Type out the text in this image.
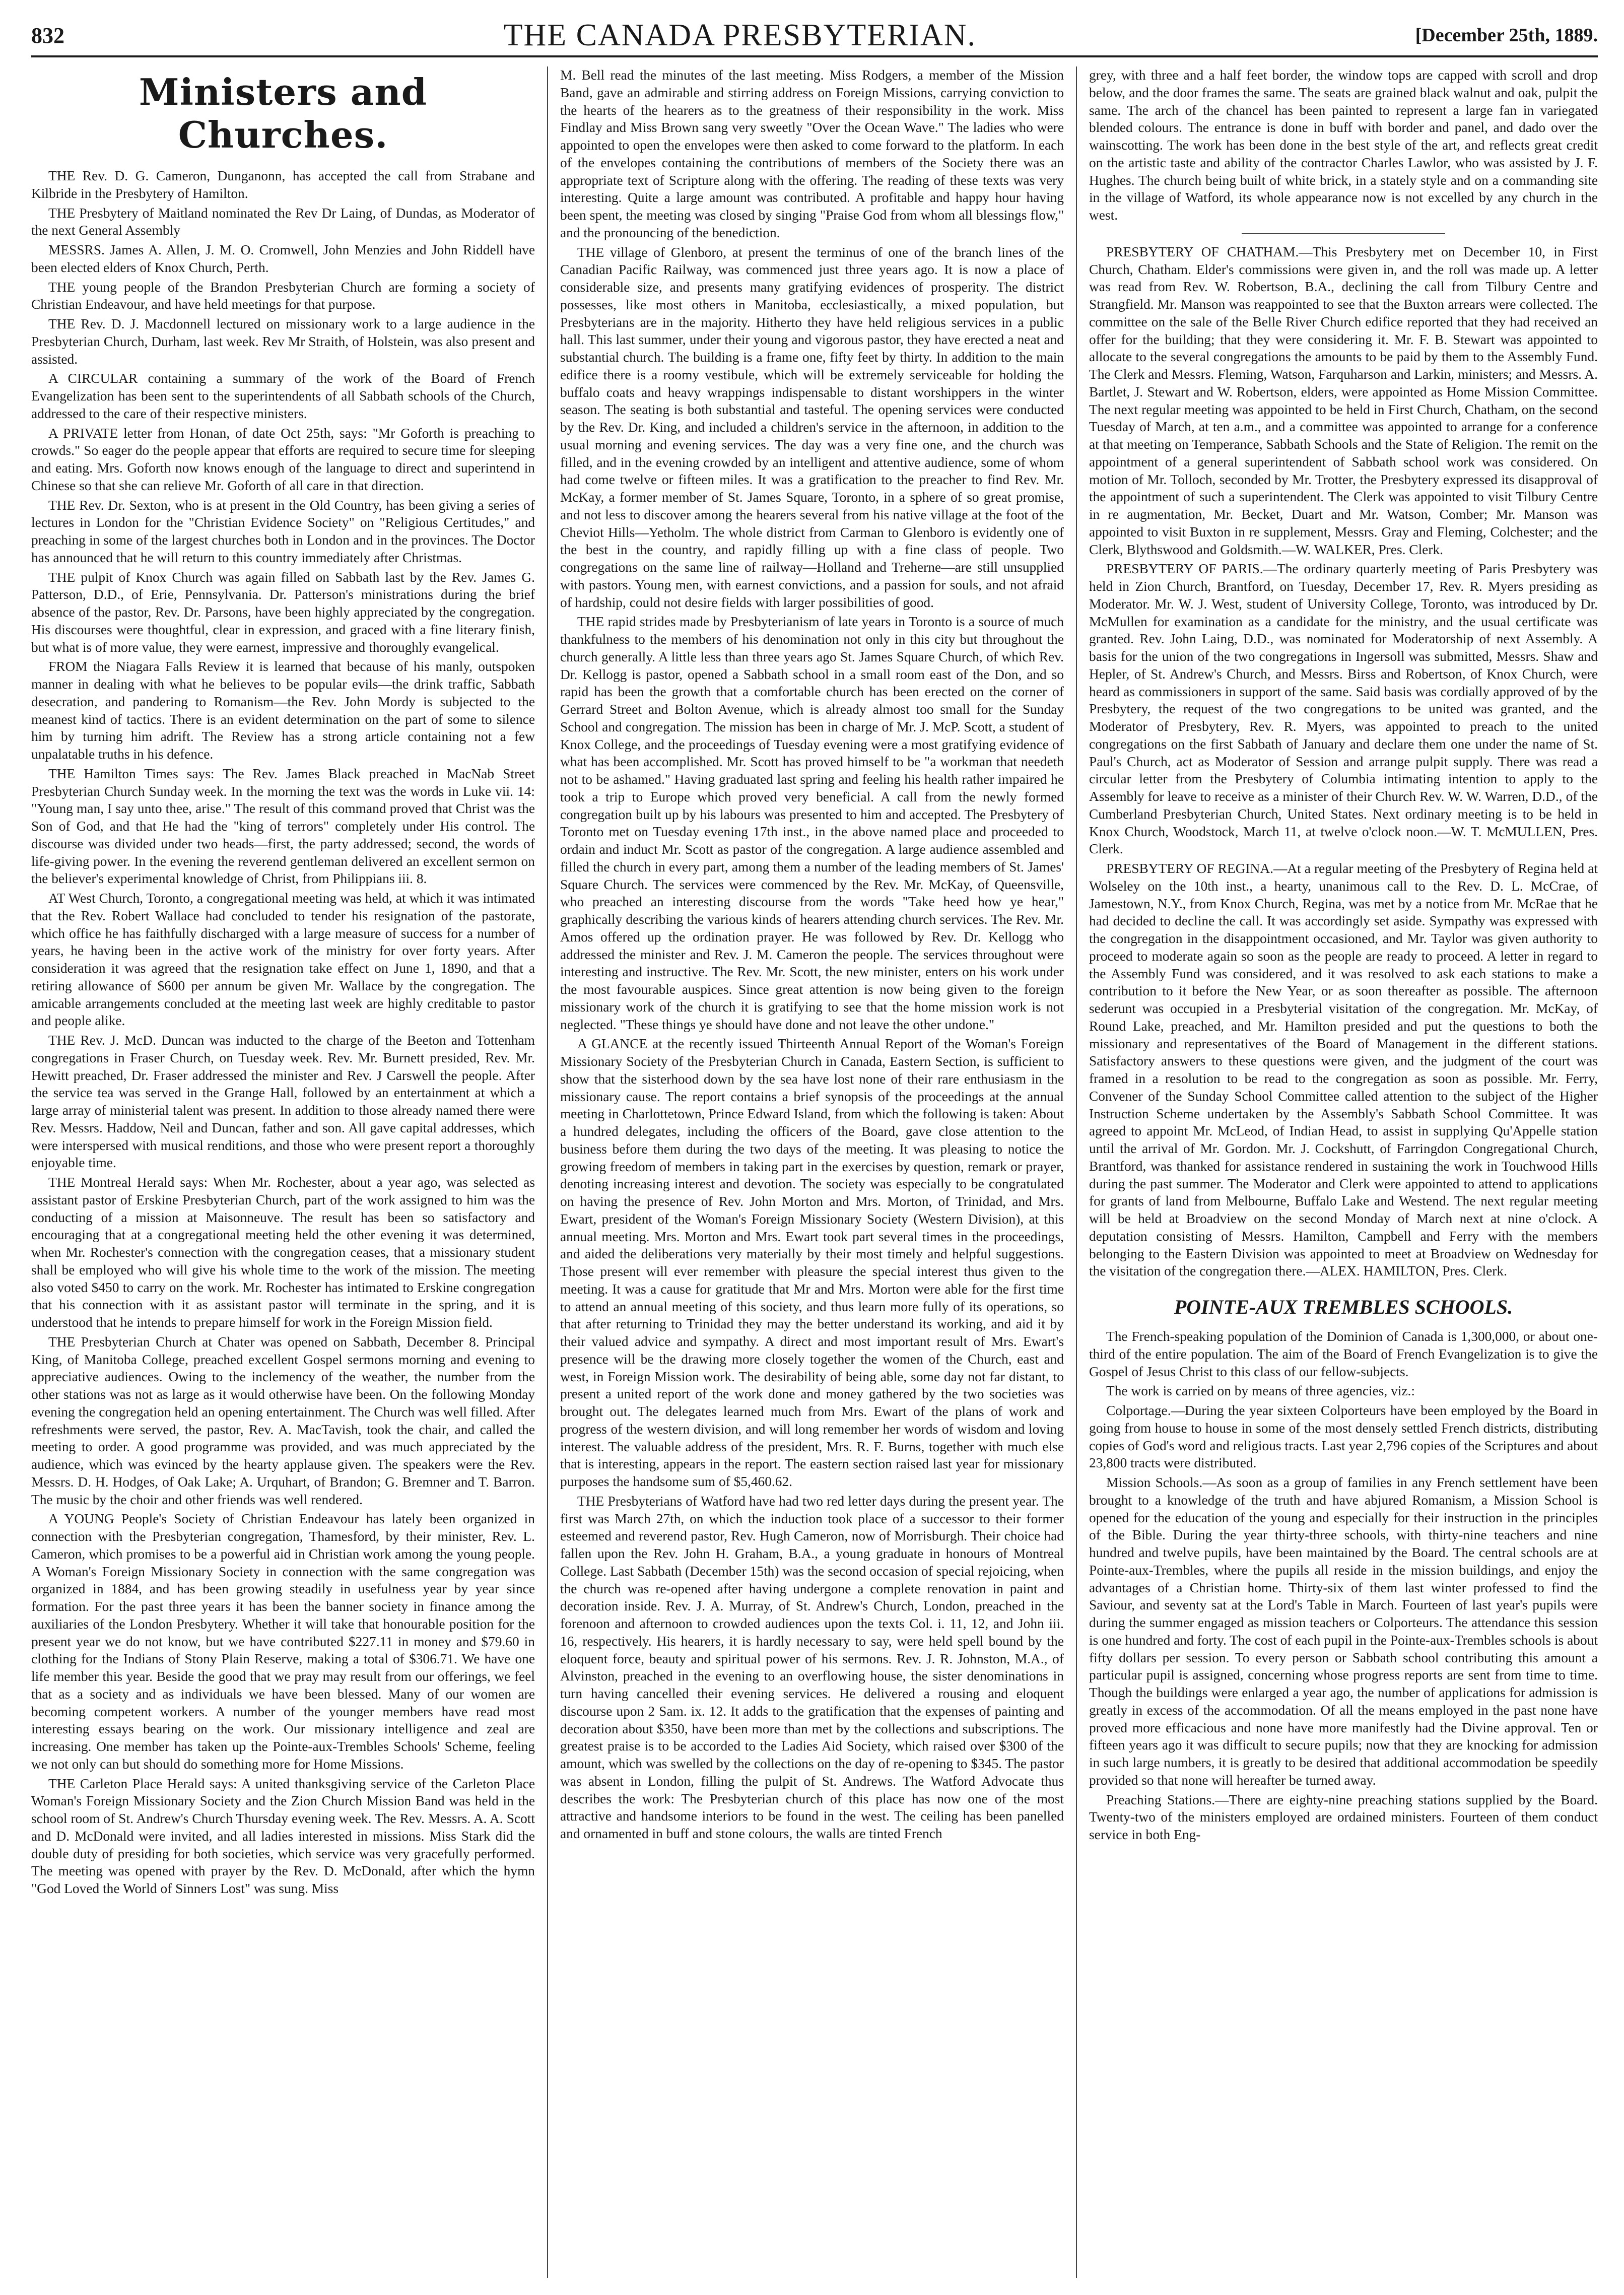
832	THE CANADA PRESBYTERIAN.	[December 25th, 1889.
Ministers and Churches.

THE Rev. D. G. Cameron, Dunganonn, has accepted the call from Strabane and Kilbride in the Presbytery of Hamilton.

THE Presbytery of Maitland nominated the Rev Dr Laing, of Dundas, as Moderator of the next General Assembly

MESSRS. James A. Allen, J. M. O. Cromwell, John Menzies and John Riddell have been elected elders of Knox Church, Perth.

THE young people of the Brandon Presbyterian Church are forming a society of Christian Endeavour, and have held meetings for that purpose.

THE Rev. D. J. Macdonnell lectured on missionary work to a large audience in the Presbyterian Church, Durham, last week. Rev Mr Straith, of Holstein, was also present and assisted.

A CIRCULAR containing a summary of the work of the Board of French Evangelization has been sent to the superintendents of all Sabbath schools of the Church, addressed to the care of their respective ministers.

A PRIVATE letter from Honan, of date Oct 25th, says: "Mr Goforth is preaching to crowds." So eager do the people appear that efforts are required to secure time for sleeping and eating. Mrs. Goforth now knows enough of the language to direct and superintend in Chinese so that she can relieve Mr. Goforth of all care in that direction.

THE Rev. Dr. Sexton, who is at present in the Old Country, has been giving a series of lectures in London for the "Christian Evidence Society" on "Religious Certitudes," and preaching in some of the largest churches both in London and in the provinces. The Doctor has announced that he will return to this country immediately after Christmas.

THE pulpit of Knox Church was again filled on Sabbath last by the Rev. James G. Patterson, D.D., of Erie, Pennsylvania. Dr. Patterson's ministrations during the brief absence of the pastor, Rev. Dr. Parsons, have been highly appreciated by the congregation. His discourses were thoughtful, clear in expression, and graced with a fine literary finish, but what is of more value, they were earnest, impressive and thoroughly evangelical.

FROM the Niagara Falls Review it is learned that because of his manly, outspoken manner in dealing with what he believes to be popular evils—the drink traffic, Sabbath desecration, and pandering to Romanism—the Rev. John Mordy is subjected to the meanest kind of tactics. There is an evident determination on the part of some to silence him by turning him adrift. The Review has a strong article containing not a few unpalatable truths in his defence.

THE Hamilton Times says: The Rev. James Black preached in MacNab Street Presbyterian Church Sunday week. In the morning the text was the words in Luke vii. 14: "Young man, I say unto thee, arise." The result of this command proved that Christ was the Son of God, and that He had the "king of terrors" completely under His control. The discourse was divided under two heads—first, the party addressed; second, the words of life-giving power. In the evening the reverend gentleman delivered an excellent sermon on the believer's experimental knowledge of Christ, from Philippians iii. 8.

AT West Church, Toronto, a congregational meeting was held, at which it was intimated that the Rev. Robert Wallace had concluded to tender his resignation of the pastorate, which office he has faithfully discharged with a large measure of success for a number of years, he having been in the active work of the ministry for over forty years. After consideration it was agreed that the resignation take effect on June 1, 1890, and that a retiring allowance of $600 per annum be given Mr. Wallace by the congregation. The amicable arrangements concluded at the meeting last week are highly creditable to pastor and people alike.

THE Rev. J. McD. Duncan was inducted to the charge of the Beeton and Tottenham congregations in Fraser Church, on Tuesday week. Rev. Mr. Burnett presided, Rev. Mr. Hewitt preached, Dr. Fraser addressed the minister and Rev. J Carswell the people. After the service tea was served in the Grange Hall, followed by an entertainment at which a large array of ministerial talent was present. In addition to those already named there were Rev. Messrs. Haddow, Neil and Duncan, father and son. All gave capital addresses, which were interspersed with musical renditions, and those who were present report a thoroughly enjoyable time.

THE Montreal Herald says: When Mr. Rochester, about a year ago, was selected as assistant pastor of Erskine Presbyterian Church, part of the work assigned to him was the conducting of a mission at Maisonneuve. The result has been so satisfactory and encouraging that at a congregational meeting held the other evening it was determined, when Mr. Rochester's connection with the congregation ceases, that a missionary student shall be employed who will give his whole time to the work of the mission. The meeting also voted $450 to carry on the work. Mr. Rochester has intimated to Erskine congregation that his connection with it as assistant pastor will terminate in the spring, and it is understood that he intends to prepare himself for work in the Foreign Mission field.

THE Presbyterian Church at Chater was opened on Sabbath, December 8. Principal King, of Manitoba College, preached excellent Gospel sermons morning and evening to appreciative audiences. Owing to the inclemency of the weather, the number from the other stations was not as large as it would otherwise have been. On the following Monday evening the congregation held an opening entertainment. The Church was well filled. After refreshments were served, the pastor, Rev. A. MacTavish, took the chair, and called the meeting to order. A good programme was provided, and was much appreciated by the audience, which was evinced by the hearty applause given. The speakers were the Rev. Messrs. D. H. Hodges, of Oak Lake; A. Urquhart, of Brandon; G. Bremner and T. Barron. The music by the choir and other friends was well rendered.

A YOUNG People's Society of Christian Endeavour has lately been organized in connection with the Presbyterian congregation, Thamesford, by their minister, Rev. L. Cameron, which promises to be a powerful aid in Christian work among the young people. A Woman's Foreign Missionary Society in connection with the same congregation was organized in 1884, and has been growing steadily in usefulness year by year since formation. For the past three years it has been the banner society in finance among the auxiliaries of the London Presbytery. Whether it will take that honourable position for the present year we do not know, but we have contributed $227.11 in money and $79.60 in clothing for the Indians of Stony Plain Reserve, making a total of $306.71. We have one life member this year. Beside the good that we pray may result from our offerings, we feel that as a society and as individuals we have been blessed. Many of our women are becoming competent workers. A number of the younger members have read most interesting essays bearing on the work. Our missionary intelligence and zeal are increasing. One member has taken up the Pointe-aux-Trembles Schools' Scheme, feeling we not only can but should do something more for Home Missions.

THE Carleton Place Herald says: A united thanksgiving service of the Carleton Place Woman's Foreign Missionary Society and the Zion Church Mission Band was held in the school room of St. Andrew's Church Thursday evening week. The Rev. Messrs. A. A. Scott and D. McDonald were invited, and all ladies interested in missions. Miss Stark did the double duty of presiding for both societies, which service was very gracefully performed. The meeting was opened with prayer by the Rev. D. McDonald, after which the hymn "God Loved the World of Sinners Lost" was sung. Miss

M. Bell read the minutes of the last meeting. Miss Rodgers, a member of the Mission Band, gave an admirable and stirring address on Foreign Missions, carrying conviction to the hearts of the hearers as to the greatness of their responsibility in the work. Miss Findlay and Miss Brown sang very sweetly "Over the Ocean Wave." The ladies who were appointed to open the envelopes were then asked to come forward to the platform. In each of the envelopes containing the contributions of members of the Society there was an appropriate text of Scripture along with the offering. The reading of these texts was very interesting. Quite a large amount was contributed. A profitable and happy hour having been spent, the meeting was closed by singing "Praise God from whom all blessings flow," and the pronouncing of the benediction.

THE village of Glenboro, at present the terminus of one of the branch lines of the Canadian Pacific Railway, was commenced just three years ago. It is now a place of considerable size, and presents many gratifying evidences of prosperity. The district possesses, like most others in Manitoba, ecclesiastically, a mixed population, but Presbyterians are in the majority. Hitherto they have held religious services in a public hall. This last summer, under their young and vigorous pastor, they have erected a neat and substantial church. The building is a frame one, fifty feet by thirty. In addition to the main edifice there is a roomy vestibule, which will be extremely serviceable for holding the buffalo coats and heavy wrappings indispensable to distant worshippers in the winter season. The seating is both substantial and tasteful. The opening services were conducted by the Rev. Dr. King, and included a children's service in the afternoon, in addition to the usual morning and evening services. The day was a very fine one, and the church was filled, and in the evening crowded by an intelligent and attentive audience, some of whom had come twelve or fifteen miles. It was a gratification to the preacher to find Rev. Mr. McKay, a former member of St. James Square, Toronto, in a sphere of so great promise, and not less to discover among the hearers several from his native village at the foot of the Cheviot Hills—Yetholm. The whole district from Carman to Glenboro is evidently one of the best in the country, and rapidly filling up with a fine class of people. Two congregations on the same line of railway—Holland and Treherne—are still unsupplied with pastors. Young men, with earnest convictions, and a passion for souls, and not afraid of hardship, could not desire fields with larger possibilities of good.

THE rapid strides made by Presbyterianism of late years in Toronto is a source of much thankfulness to the members of his denomination not only in this city but throughout the church generally. A little less than three years ago St. James Square Church, of which Rev. Dr. Kellogg is pastor, opened a Sabbath school in a small room east of the Don, and so rapid has been the growth that a comfortable church has been erected on the corner of Gerrard Street and Bolton Avenue, which is already almost too small for the Sunday School and congregation. The mission has been in charge of Mr. J. McP. Scott, a student of Knox College, and the proceedings of Tuesday evening were a most gratifying evidence of what has been accomplished. Mr. Scott has proved himself to be "a workman that needeth not to be ashamed." Having graduated last spring and feeling his health rather impaired he took a trip to Europe which proved very beneficial. A call from the newly formed congregation built up by his labours was presented to him and accepted. The Presbytery of Toronto met on Tuesday evening 17th inst., in the above named place and proceeded to ordain and induct Mr. Scott as pastor of the congregation. A large audience assembled and filled the church in every part, among them a number of the leading members of St. James' Square Church. The services were commenced by the Rev. Mr. McKay, of Queensville, who preached an interesting discourse from the words "Take heed how ye hear," graphically describing the various kinds of hearers attending church services. The Rev. Mr. Amos offered up the ordination prayer. He was followed by Rev. Dr. Kellogg who addressed the minister and Rev. J. M. Cameron the people. The services throughout were interesting and instructive. The Rev. Mr. Scott, the new minister, enters on his work under the most favourable auspices. Since great attention is now being given to the foreign missionary work of the church it is gratifying to see that the home mission work is not neglected. "These things ye should have done and not leave the other undone."

A GLANCE at the recently issued Thirteenth Annual Report of the Woman's Foreign Missionary Society of the Presbyterian Church in Canada, Eastern Section, is sufficient to show that the sisterhood down by the sea have lost none of their rare enthusiasm in the missionary cause. The report contains a brief synopsis of the proceedings at the annual meeting in Charlottetown, Prince Edward Island, from which the following is taken: About a hundred delegates, including the officers of the Board, gave close attention to the business before them during the two days of the meeting. It was pleasing to notice the growing freedom of members in taking part in the exercises by question, remark or prayer, denoting increasing interest and devotion. The society was especially to be congratulated on having the presence of Rev. John Morton and Mrs. Morton, of Trinidad, and Mrs. Ewart, president of the Woman's Foreign Missionary Society (Western Division), at this annual meeting. Mrs. Morton and Mrs. Ewart took part several times in the proceedings, and aided the deliberations very materially by their most timely and helpful suggestions. Those present will ever remember with pleasure the special interest thus given to the meeting. It was a cause for gratitude that Mr and Mrs. Morton were able for the first time to attend an annual meeting of this society, and thus learn more fully of its operations, so that after returning to Trinidad they may the better understand its working, and aid it by their valued advice and sympathy. A direct and most important result of Mrs. Ewart's presence will be the drawing more closely together the women of the Church, east and west, in Foreign Mission work. The desirability of being able, some day not far distant, to present a united report of the work done and money gathered by the two societies was brought out. The delegates learned much from Mrs. Ewart of the plans of work and progress of the western division, and will long remember her words of wisdom and loving interest. The valuable address of the president, Mrs. R. F. Burns, together with much else that is interesting, appears in the report. The eastern section raised last year for missionary purposes the handsome sum of $5,460.62.

THE Presbyterians of Watford have had two red letter days during the present year. The first was March 27th, on which the induction took place of a successor to their former esteemed and reverend pastor, Rev. Hugh Cameron, now of Morrisburgh. Their choice had fallen upon the Rev. John H. Graham, B.A., a young graduate in honours of Montreal College. Last Sabbath (December 15th) was the second occasion of special rejoicing, when the church was re-opened after having undergone a complete renovation in paint and decoration inside. Rev. J. A. Murray, of St. Andrew's Church, London, preached in the forenoon and afternoon to crowded audiences upon the texts Col. i. 11, 12, and John iii. 16, respectively. His hearers, it is hardly necessary to say, were held spell bound by the eloquent force, beauty and spiritual power of his sermons. Rev. J. R. Johnston, M.A., of Alvinston, preached in the evening to an overflowing house, the sister denominations in turn having cancelled their evening services. He delivered a rousing and eloquent discourse upon 2 Sam. ix. 12. It adds to the gratification that the expenses of painting and decoration about $350, have been more than met by the collections and subscriptions. The greatest praise is to be accorded to the Ladies Aid Society, which raised over $300 of the amount, which was swelled by the collections on the day of re-opening to $345. The pastor was absent in London, filling the pulpit of St. Andrews. The Watford Advocate thus describes the work: The Presbyterian church of this place has now one of the most attractive and handsome interiors to be found in the west. The ceiling has been panelled and ornamented in buff and stone colours, the walls are tinted French

grey, with three and a half feet border, the window tops are capped with scroll and drop below, and the door frames the same. The seats are grained black walnut and oak, pulpit the same. The arch of the chancel has been painted to represent a large fan in variegated blended colours. The entrance is done in buff with border and panel, and dado over the wainscotting. The work has been done in the best style of the art, and reflects great credit on the artistic taste and ability of the contractor Charles Lawlor, who was assisted by J. F. Hughes. The church being built of white brick, in a stately style and on a commanding site in the village of Watford, its whole appearance now is not excelled by any church in the west.

PRESBYTERY OF CHATHAM.—This Presbytery met on December 10, in First Church, Chatham. Elder's commissions were given in, and the roll was made up. A letter was read from Rev. W. Robertson, B.A., declining the call from Tilbury Centre and Strangfield. Mr. Manson was reappointed to see that the Buxton arrears were collected. The committee on the sale of the Belle River Church edifice reported that they had received an offer for the building; that they were considering it. Mr. F. B. Stewart was appointed to allocate to the several congregations the amounts to be paid by them to the Assembly Fund. The Clerk and Messrs. Fleming, Watson, Farquharson and Larkin, ministers; and Messrs. A. Bartlet, J. Stewart and W. Robertson, elders, were appointed as Home Mission Committee. The next regular meeting was appointed to be held in First Church, Chatham, on the second Tuesday of March, at ten a.m., and a committee was appointed to arrange for a conference at that meeting on Temperance, Sabbath Schools and the State of Religion. The remit on the appointment of a general superintendent of Sabbath school work was considered. On motion of Mr. Tolloch, seconded by Mr. Trotter, the Presbytery expressed its disapproval of the appointment of such a superintendent. The Clerk was appointed to visit Tilbury Centre in re augmentation, Mr. Becket, Duart and Mr. Watson, Comber; Mr. Manson was appointed to visit Buxton in re supplement, Messrs. Gray and Fleming, Colchester; and the Clerk, Blythswood and Goldsmith.—W. WALKER, Pres. Clerk.

PRESBYTERY OF PARIS.—The ordinary quarterly meeting of Paris Presbytery was held in Zion Church, Brantford, on Tuesday, December 17, Rev. R. Myers presiding as Moderator. Mr. W. J. West, student of University College, Toronto, was introduced by Dr. McMullen for examination as a candidate for the ministry, and the usual certificate was granted. Rev. John Laing, D.D., was nominated for Moderatorship of next Assembly. A basis for the union of the two congregations in Ingersoll was submitted, Messrs. Shaw and Hepler, of St. Andrew's Church, and Messrs. Birss and Robertson, of Knox Church, were heard as commissioners in support of the same. Said basis was cordially approved of by the Presbytery, the request of the two congregations to be united was granted, and the Moderator of Presbytery, Rev. R. Myers, was appointed to preach to the united congregations on the first Sabbath of January and declare them one under the name of St. Paul's Church, act as Moderator of Session and arrange pulpit supply. There was read a circular letter from the Presbytery of Columbia intimating intention to apply to the Assembly for leave to receive as a minister of their Church Rev. W. W. Warren, D.D., of the Cumberland Presbyterian Church, United States. Next ordinary meeting is to be held in Knox Church, Woodstock, March 11, at twelve o'clock noon.—W. T. McMULLEN, Pres. Clerk.

PRESBYTERY OF REGINA.—At a regular meeting of the Presbytery of Regina held at Wolseley on the 10th inst., a hearty, unanimous call to the Rev. D. L. McCrae, of Jamestown, N.Y., from Knox Church, Regina, was met by a notice from Mr. McRae that he had decided to decline the call. It was accordingly set aside. Sympathy was expressed with the congregation in the disappointment occasioned, and Mr. Taylor was given authority to proceed to moderate again so soon as the people are ready to proceed. A letter in regard to the Assembly Fund was considered, and it was resolved to ask each stations to make a contribution to it before the New Year, or as soon thereafter as possible. The afternoon sederunt was occupied in a Presbyterial visitation of the congregation. Mr. McKay, of Round Lake, preached, and Mr. Hamilton presided and put the questions to both the missionary and representatives of the Board of Management in the different stations. Satisfactory answers to these questions were given, and the judgment of the court was framed in a resolution to be read to the congregation as soon as possible. Mr. Ferry, Convener of the Sunday School Committee called attention to the subject of the Higher Instruction Scheme undertaken by the Assembly's Sabbath School Committee. It was agreed to appoint Mr. McLeod, of Indian Head, to assist in supplying Qu'Appelle station until the arrival of Mr. Gordon. Mr. J. Cockshutt, of Farringdon Congregational Church, Brantford, was thanked for assistance rendered in sustaining the work in Touchwood Hills during the past summer. The Moderator and Clerk were appointed to attend to applications for grants of land from Melbourne, Buffalo Lake and Westend. The next regular meeting will be held at Broadview on the second Monday of March next at nine o'clock. A deputation consisting of Messrs. Hamilton, Campbell and Ferry with the members belonging to the Eastern Division was appointed to meet at Broadview on Wednesday for the visitation of the congregation there.—ALEX. HAMILTON, Pres. Clerk.

POINTE-AUX TREMBLES SCHOOLS.

The French-speaking population of the Dominion of Canada is 1,300,000, or about one-third of the entire population. The aim of the Board of French Evangelization is to give the Gospel of Jesus Christ to this class of our fellow-subjects.

The work is carried on by means of three agencies, viz.:

Colportage.—During the year sixteen Colporteurs have been employed by the Board in going from house to house in some of the most densely settled French districts, distributing copies of God's word and religious tracts. Last year 2,796 copies of the Scriptures and about 23,800 tracts were distributed.

Mission Schools.—As soon as a group of families in any French settlement have been brought to a knowledge of the truth and have abjured Romanism, a Mission School is opened for the education of the young and especially for their instruction in the principles of the Bible. During the year thirty-three schools, with thirty-nine teachers and nine hundred and twelve pupils, have been maintained by the Board. The central schools are at Pointe-aux-Trembles, where the pupils all reside in the mission buildings, and enjoy the advantages of a Christian home. Thirty-six of them last winter professed to find the Saviour, and seventy sat at the Lord's Table in March. Fourteen of last year's pupils were during the summer engaged as mission teachers or Colporteurs. The attendance this session is one hundred and forty. The cost of each pupil in the Pointe-aux-Trembles schools is about fifty dollars per session. To every person or Sabbath school contributing this amount a particular pupil is assigned, concerning whose progress reports are sent from time to time. Though the buildings were enlarged a year ago, the number of applications for admission is greatly in excess of the accommodation. Of all the means employed in the past none have proved more efficacious and none have more manifestly had the Divine approval. Ten or fifteen years ago it was difficult to secure pupils; now that they are knocking for admission in such large numbers, it is greatly to be desired that additional accommodation be speedily provided so that none will hereafter be turned away.

Preaching Stations.—There are eighty-nine preaching stations supplied by the Board. Twenty-two of the ministers employed are ordained ministers. Fourteen of them conduct service in both Eng-
